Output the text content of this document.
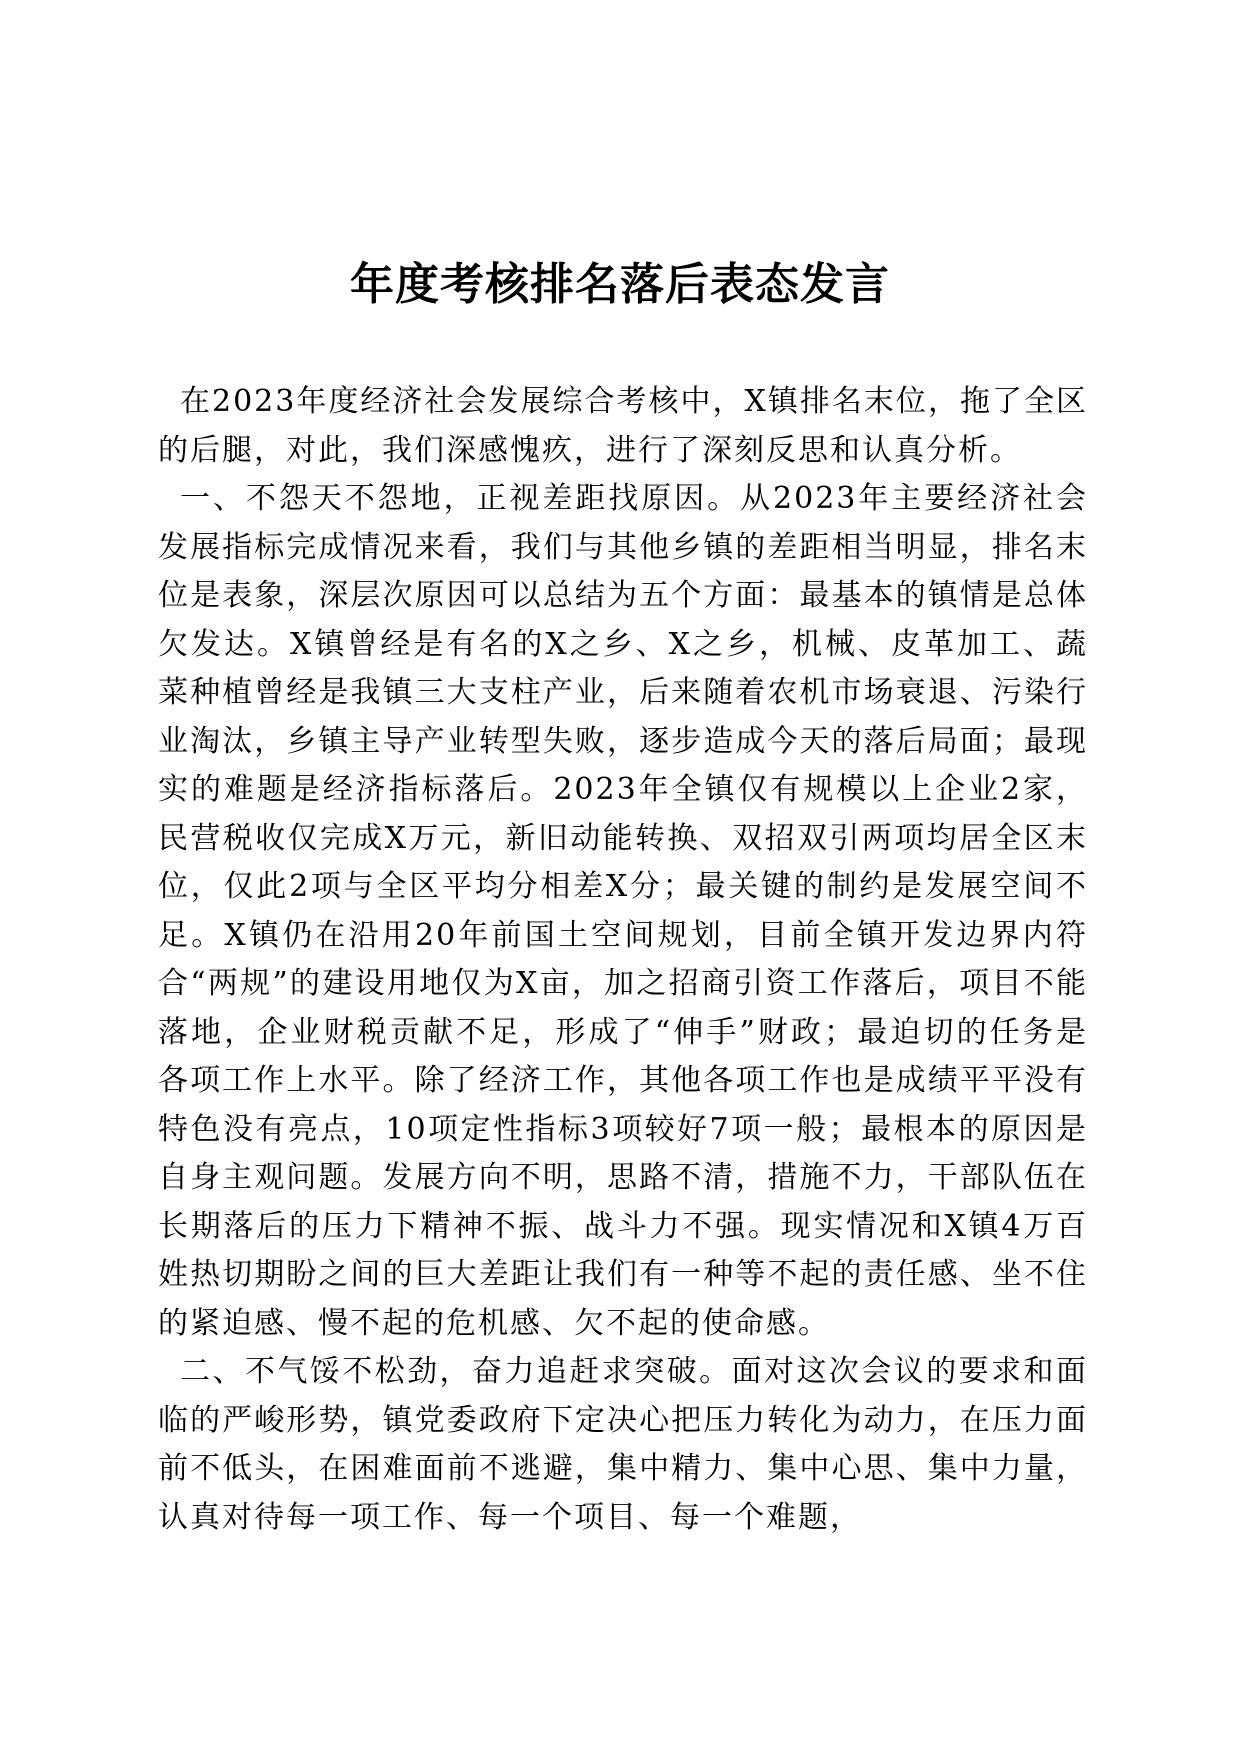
年度考核排名落后表态发言

在2023年度经济社会发展综合考核中，X镇排名末位，拖了全区的后腿，对此，我们深感愧疚，进行了深刻反思和认真分析。

一、不怨天不怨地，正视差距找原因。从2023年主要经济社会发展指标完成情况来看，我们与其他乡镇的差距相当明显，排名末位是表象，深层次原因可以总结为五个方面：最基本的镇情是总体欠发达。X镇曾经是有名的X之乡、X之乡，机械、皮革加工、蔬菜种植曾经是我镇三大支柱产业，后来随着农机市场衰退、污染行业淘汰，乡镇主导产业转型失败，逐步造成今天的落后局面；最现实的难题是经济指标落后。2023年全镇仅有规模以上企业2家，民营税收仅完成X万元，新旧动能转换、双招双引两项均居全区末位，仅此2项与全区平均分相差X分；最关键的制约是发展空间不足。X镇仍在沿用20年前国土空间规划，目前全镇开发边界内符合“两规”的建设用地仅为X亩，加之招商引资工作落后，项目不能落地，企业财税贡献不足，形成了“伸手”财政；最迫切的任务是各项工作上水平。除了经济工作，其他各项工作也是成绩平平没有特色没有亮点，10项定性指标3项较好7项一般；最根本的原因是自身主观问题。发展方向不明，思路不清，措施不力，干部队伍在长期落后的压力下精神不振、战斗力不强。现实情况和X镇4万百姓热切期盼之间的巨大差距让我们有一种等不起的责任感、坐不住的紧迫感、慢不起的危机感、欠不起的使命感。

二、不气馁不松劲，奋力追赶求突破。面对这次会议的要求和面临的严峻形势，镇党委政府下定决心把压力转化为动力，在压力面前不低头，在困难面前不逃避，集中精力、集中心思、集中力量，认真对待每一项工作、每一个项目、每一个难题，
